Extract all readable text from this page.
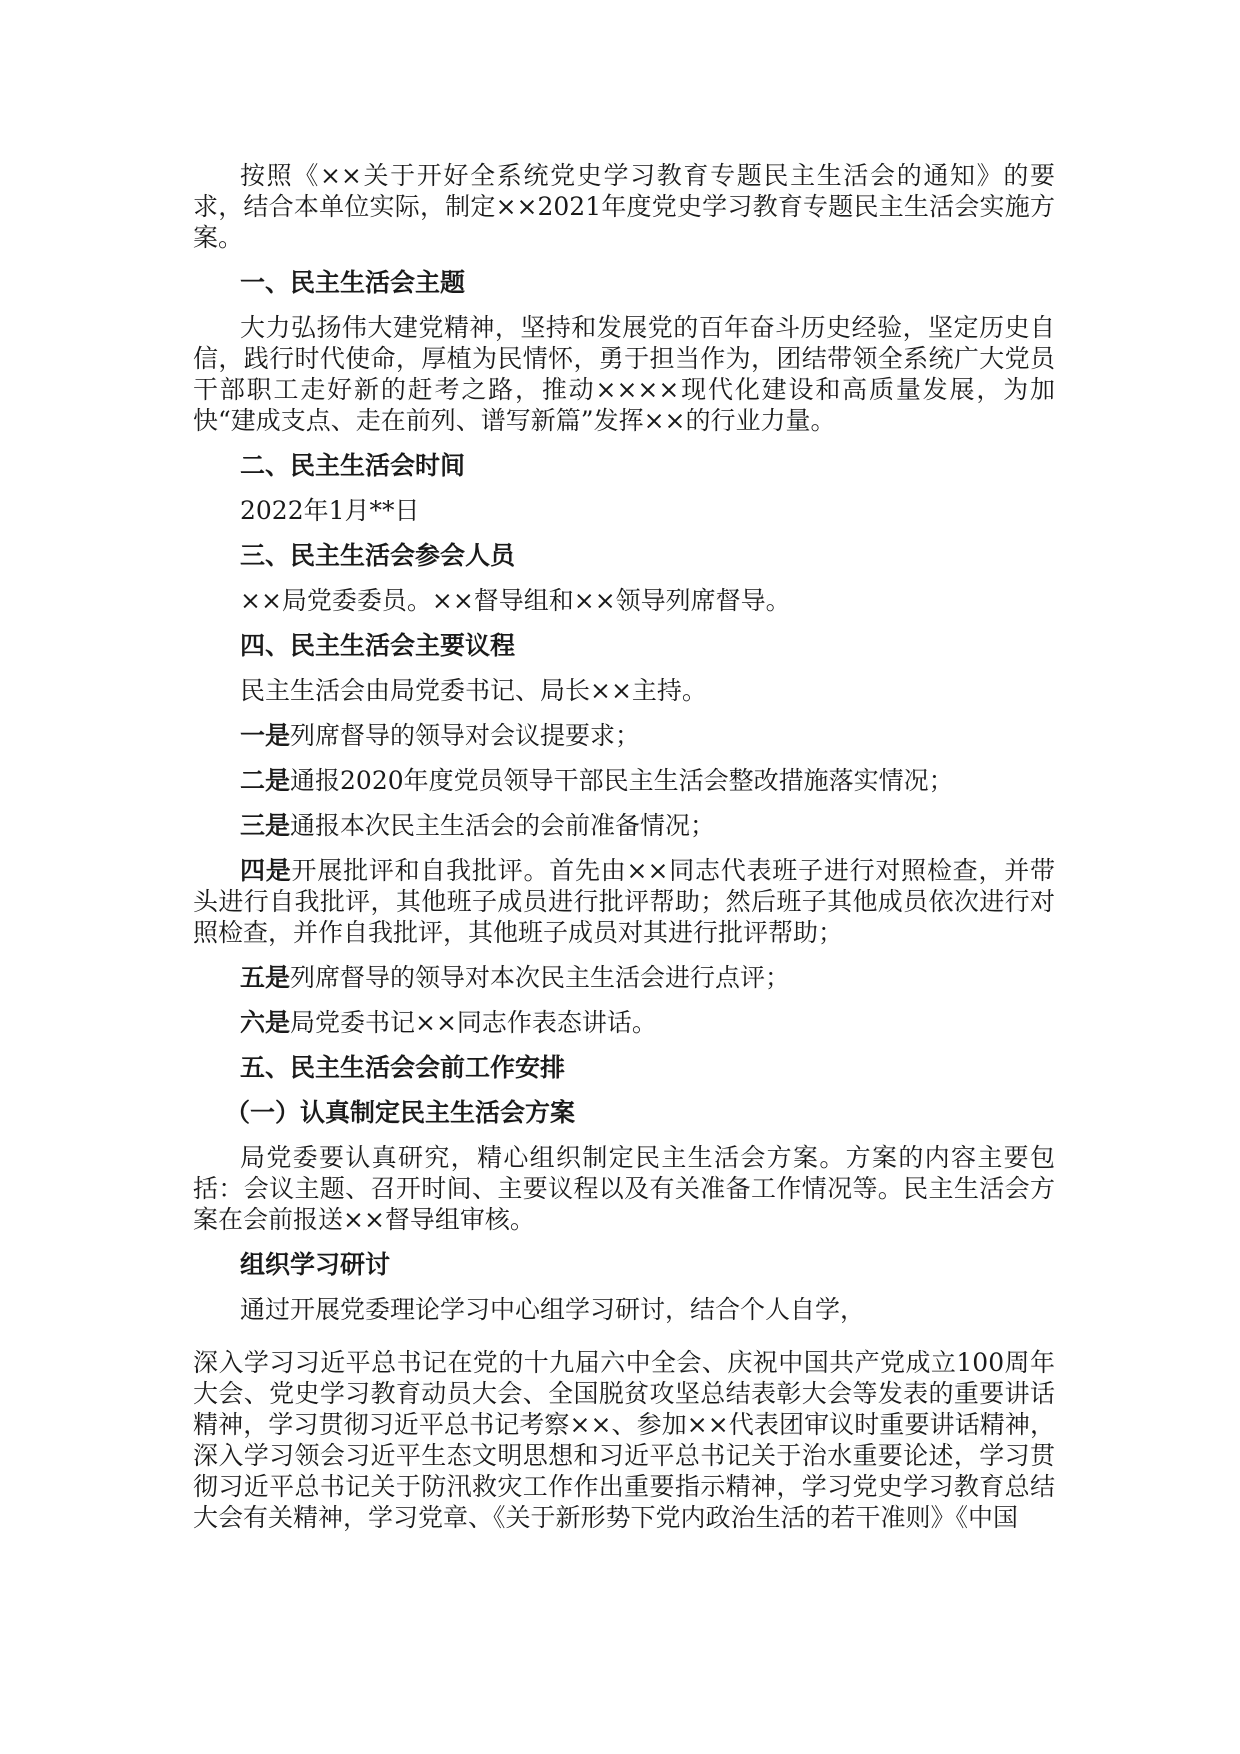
按照《××关于开好全系统党史学习教育专题民主生活会的通知》的要求，结合本单位实际，制定××2021年度党史学习教育专题民主生活会实施方案。

一、民主生活会主题

大力弘扬伟大建党精神，坚持和发展党的百年奋斗历史经验，坚定历史自信，践行时代使命，厚植为民情怀，勇于担当作为，团结带领全系统广大党员干部职工走好新的赶考之路，推动××××现代化建设和高质量发展，为加快“建成支点、走在前列、谱写新篇”发挥××的行业力量。

二、民主生活会时间

2022年1月**日

三、民主生活会参会人员

××局党委委员。××督导组和××领导列席督导。

四、民主生活会主要议程

民主生活会由局党委书记、局长××主持。

一是列席督导的领导对会议提要求；

二是通报2020年度党员领导干部民主生活会整改措施落实情况；

三是通报本次民主生活会的会前准备情况；

四是开展批评和自我批评。首先由××同志代表班子进行对照检查，并带头进行自我批评，其他班子成员进行批评帮助；然后班子其他成员依次进行对照检查，并作自我批评，其他班子成员对其进行批评帮助；

五是列席督导的领导对本次民主生活会进行点评；

六是局党委书记××同志作表态讲话。

五、民主生活会会前工作安排

（一）认真制定民主生活会方案

局党委要认真研究，精心组织制定民主生活会方案。方案的内容主要包括：会议主题、召开时间、主要议程以及有关准备工作情况等。民主生活会方案在会前报送××督导组审核。

组织学习研讨

通过开展党委理论学习中心组学习研讨，结合个人自学，

深入学习习近平总书记在党的十九届六中全会、庆祝中国共产党成立100周年大会、党史学习教育动员大会、全国脱贫攻坚总结表彰大会等发表的重要讲话精神，学习贯彻习近平总书记考察××、参加××代表团审议时重要讲话精神，深入学习领会习近平生态文明思想和习近平总书记关于治水重要论述，学习贯彻习近平总书记关于防汛救灾工作作出重要指示精神，学习党史学习教育总结大会有关精神，学习党章、《关于新形势下党内政治生活的若干准则》《中国
